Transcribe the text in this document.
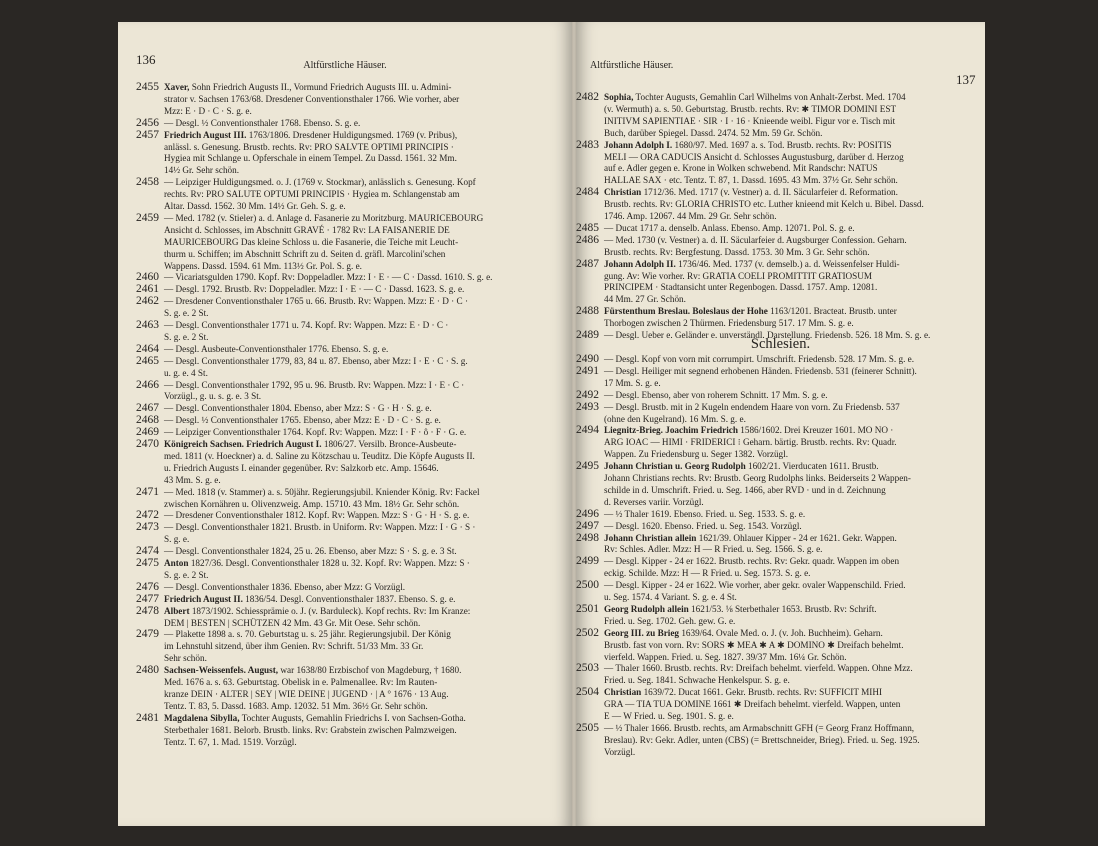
136	Altfürstliche Häuser.
2455 Xaver, Sohn Friedrich Augusts II., Vormund Friedrich Augusts III. u. Admini-
strator v. Sachsen 1763/68. Dresdener Conventionsthaler 1766. Wie vorher, aber
Mzz: E · D · C · S. g. e.
2456 — Desgl. ½ Conventionsthaler 1768. Ebenso. S. g. e.
2457 Friedrich August III. 1763/1806. Dresdener Huldigungsmed. 1769 (v. Pribus),
anlässl. s. Genesung. Brustb. rechts. Rv: PRO SALVTE OPTIMI PRINCIPIS ·
Hygiea mit Schlange u. Opferschale in einem Tempel. Zu Dassd. 1561. 32 Mm.
14½ Gr. Sehr schön.
2458 — Leipziger Huldigungsmed. o. J. (1769 v. Stockmar), anlässlich s. Genesung. Kopf
rechts. Rv: PRO SALUTE OPTUMI PRINCIPIS · Hygiea m. Schlangenstab am
Altar. Dassd. 1562. 30 Mm. 14½ Gr. Geh. S. g. e.
2459 — Med. 1782 (v. Stieler) a. d. Anlage d. Fasanerie zu Moritzburg. MAURICEBOURG
Ansicht d. Schlosses, im Abschnitt GRAVÉ · 1782 Rv: LA FAISANERIE DE
MAURICEBOURG Das kleine Schloss u. die Fasanerie, die Teiche mit Leucht-
thurm u. Schiffen; im Abschnitt Schrift zu d. Seiten d. gräfl. Marcolini'schen
Wappens. Dassd. 1594. 61 Mm. 113½ Gr. Pol. S. g. e.
2460 — Vicariatsgulden 1790. Kopf. Rv: Doppeladler. Mzz: I · E · — C · Dassd. 1610. S. g. e.
2461 — Desgl. 1792. Brustb. Rv: Doppeladler. Mzz: I · E · — C · Dassd. 1623. S. g. e.
2462 — Dresdener Conventionsthaler 1765 u. 66. Brustb. Rv: Wappen. Mzz: E · D · C ·
S. g. e. 2 St.
2463 — Desgl. Conventionsthaler 1771 u. 74. Kopf. Rv: Wappen. Mzz: E · D · C ·
S. g. e. 2 St.
2464 — Desgl. Ausbeute-Conventionsthaler 1776. Ebenso. S. g. e.
2465 — Desgl. Conventionsthaler 1779, 83, 84 u. 87. Ebenso, aber Mzz: I · E · C · S. g.
u. g. e. 4 St.
2466 — Desgl. Conventionsthaler 1792, 95 u. 96. Brustb. Rv: Wappen. Mzz: I · E · C ·
Vorzügl., g. u. s. g. e. 3 St.
2467 — Desgl. Conventionsthaler 1804. Ebenso, aber Mzz: S · G · H · S. g. e.
2468 — Desgl. ½ Conventionsthaler 1765. Ebenso, aber Mzz: E · D · C · S. g. e.
2469 — Leipziger Conventionsthaler 1764. Kopf. Rv: Wappen. Mzz: I · F · ô · F · G. e.
2470 Königreich Sachsen. Friedrich August I. 1806/27. Versilb. Bronce-Ausbeute-
med. 1811 (v. Hoeckner) a. d. Saline zu Kötzschau u. Teuditz. Die Köpfe Augusts II.
u. Friedrich Augusts I. einander gegenüber. Rv: Salzkorb etc. Amp. 15646.
43 Mm. S. g. e.
2471 — Med. 1818 (v. Stammer) a. s. 50jähr. Regierungsjubil. Kniender König. Rv: Fackel
zwischen Kornähren u. Olivenzweig. Amp. 15710. 43 Mm. 18½ Gr. Sehr schön.
2472 — Dresdener Conventionsthaler 1812. Kopf. Rv: Wappen. Mzz: S · G · H · S. g. e.
2473 — Desgl. Conventionsthaler 1821. Brustb. in Uniform. Rv: Wappen. Mzz: I · G · S ·
S. g. e.
2474 — Desgl. Conventionsthaler 1824, 25 u. 26. Ebenso, aber Mzz: S · S. g. e. 3 St.
2475 Anton 1827/36. Desgl. Conventionsthaler 1828 u. 32. Kopf. Rv: Wappen. Mzz: S ·
S. g. e. 2 St.
2476 — Desgl. Conventionsthaler 1836. Ebenso, aber Mzz: G Vorzügl.
2477 Friedrich August II. 1836/54. Desgl. Conventionsthaler 1837. Ebenso. S. g. e.
2478 Albert 1873/1902. Schiessprämie o. J. (v. Barduleck). Kopf rechts. Rv: Im Kranze:
DEM | BESTEN | SCHÜTZEN 42 Mm. 43 Gr. Mit Oese. Sehr schön.
2479 — Plakette 1898 a. s. 70. Geburtstag u. s. 25 jähr. Regierungsjubil. Der König
im Lehnstuhl sitzend, über ihm Genien. Rv: Schrift. 51/33 Mm. 33 Gr.
Sehr schön.
2480 Sachsen-Weissenfels. August, war 1638/80 Erzbischof von Magdeburg, † 1680.
Med. 1676 a. s. 63. Geburtstag. Obelisk in e. Palmenallee. Rv: Im Rauten-
kranze DEIN · ALTER | SEY | WIE DEINE | JUGEND · | A ° 1676 · 13 Aug.
Tentz. T. 83, 5. Dassd. 1683. Amp. 12032. 51 Mm. 36½ Gr. Sehr schön.
2481 Magdalena Sibylla, Tochter Augusts, Gemahlin Friedrichs I. von Sachsen-Gotha.
Sterbethaler 1681. Belorb. Brustb. links. Rv: Grabstein zwischen Palmzweigen.
Tentz. T. 67, 1. Mad. 1519. Vorzügl.
Altfürstliche Häuser.
137
Schlesien.
2482 Sophia, Tochter Augusts, Gemahlin Carl Wilhelms von Anhalt-Zerbst. Med. 1704
(v. Wermuth) a. s. 50. Geburtstag. Brustb. rechts. Rv: ✱ TIMOR DOMINI EST
INITIVM SAPIENTIAE · SIR · I · 16 · Knieende weibl. Figur vor e. Tisch mit
Buch, darüber Spiegel. Dassd. 2474. 52 Mm. 59 Gr. Schön.
2483 Johann Adolph I. 1680/97. Med. 1697 a. s. Tod. Brustb. rechts. Rv: POSITIS
MELI — ORA CADUCIS Ansicht d. Schlosses Augustusburg, darüber d. Herzog
auf e. Adler gegen e. Krone in Wolken schwebend. Mit Randschr: NATUS
HALLAE SAX · etc. Tentz. T. 87, 1. Dassd. 1695. 43 Mm. 37½ Gr. Sehr schön.
2484 Christian 1712/36. Med. 1717 (v. Vestner) a. d. II. Säcularfeier d. Reformation.
Brustb. rechts. Rv: GLORIA CHRISTO etc. Luther knieend mit Kelch u. Bibel. Dassd.
1746. Amp. 12067. 44 Mm. 29 Gr. Sehr schön.
2485 — Ducat 1717 a. denselb. Anlass. Ebenso. Amp. 12071. Pol. S. g. e.
2486 — Med. 1730 (v. Vestner) a. d. II. Säcularfeier d. Augsburger Confession. Geharn.
Brustb. rechts. Rv: Bergfestung. Dassd. 1753. 30 Mm. 3 Gr. Sehr schön.
2487 Johann Adolph II. 1736/46. Med. 1737 (v. demselb.) a. d. Weissenfelser Huldi-
gung. Av: Wie vorher. Rv: GRATIA COELI PROMITTIT GRATIOSUM
PRINCIPEM · Stadtansicht unter Regenbogen. Dassd. 1757. Amp. 12081.
44 Mm. 27 Gr. Schön.
2488 Fürstenthum Breslau. Boleslaus der Hohe 1163/1201. Bracteat. Brustb. unter
Thorbogen zwischen 2 Thürmen. Friedensburg 517. 17 Mm. S. g. e.
2489 — Desgl. Ueber e. Geländer e. unverständl. Darstellung. Friedensb. 526. 18 Mm. S. g. e.
2490 — Desgl. Kopf von vorn mit corrumpirt. Umschrift. Friedensb. 528. 17 Mm. S. g. e.
2491 — Desgl. Heiliger mit segnend erhobenen Händen. Friedensb. 531 (feinerer Schnitt).
17 Mm. S. g. e.
2492 — Desgl. Ebenso, aber von roherem Schnitt. 17 Mm. S. g. e.
2493 — Desgl. Brustb. mit in 2 Kugeln endendem Haare von vorn. Zu Friedensb. 537
(ohne den Kugelrand). 16 Mm. S. g. e.
2494 Liegnitz-Brieg. Joachim Friedrich 1586/1602. Drei Kreuzer 1601. MO NO ·
ARG IOAC — HIMI · FRIDERICI ⁝ Geharn. bärtig. Brustb. rechts. Rv: Quadr.
Wappen. Zu Friedensburg u. Seger 1382. Vorzügl.
2495 Johann Christian u. Georg Rudolph 1602/21. Vierducaten 1611. Brustb.
Johann Christians rechts. Rv: Brustb. Georg Rudolphs links. Beiderseits 2 Wappen-
schilde in d. Umschrift. Fried. u. Seg. 1466, aber RVD · und in d. Zeichnung
d. Reverses variir. Vorzügl.
2496 — ½ Thaler 1619. Ebenso. Fried. u. Seg. 1533. S. g. e.
2497 — Desgl. 1620. Ebenso. Fried. u. Seg. 1543. Vorzügl.
2498 Johann Christian allein 1621/39. Ohlauer Kipper - 24 er 1621. Gekr. Wappen.
Rv: Schles. Adler. Mzz: H — R Fried. u. Seg. 1566. S. g. e.
2499 — Desgl. Kipper - 24 er 1622. Brustb. rechts. Rv: Gekr. quadr. Wappen im oben
eckig. Schilde. Mzz: H — R Fried. u. Seg. 1573. S. g. e.
2500 — Desgl. Kipper - 24 er 1622. Wie vorher, aber gekr. ovaler Wappenschild. Fried.
u. Seg. 1574. 4 Variant. S. g. e. 4 St.
2501 Georg Rudolph allein 1621/53. ⅛ Sterbethaler 1653. Brustb. Rv: Schrift.
Fried. u. Seg. 1702. Geh. gew. G. e.
2502 Georg III. zu Brieg 1639/64. Ovale Med. o. J. (v. Joh. Buchheim). Geharn.
Brustb. fast von vorn. Rv: SORS ✱ MEA ✱ A ✱ DOMINO ✱ Dreifach behelmt.
vierfeld. Wappen. Fried. u. Seg. 1827. 39/37 Mm. 16¼ Gr. Schön.
2503 — Thaler 1660. Brustb. rechts. Rv: Dreifach behelmt. vierfeld. Wappen. Ohne Mzz.
Fried. u. Seg. 1841. Schwache Henkelspur. S. g. e.
2504 Christian 1639/72. Ducat 1661. Gekr. Brustb. rechts. Rv: SUFFICIT MIHI
GRA — TIA TUA DOMINE 1661 ✱ Dreifach behelmt. vierfeld. Wappen, unten
E — W Fried. u. Seg. 1901. S. g. e.
2505 — ½ Thaler 1666. Brustb. rechts, am Armabschnitt GFH (= Georg Franz Hoffmann,
Breslau). Rv: Gekr. Adler, unten (CBS) (= Brettschneider, Brieg). Fried. u. Seg. 1925.
Vorzügl.
